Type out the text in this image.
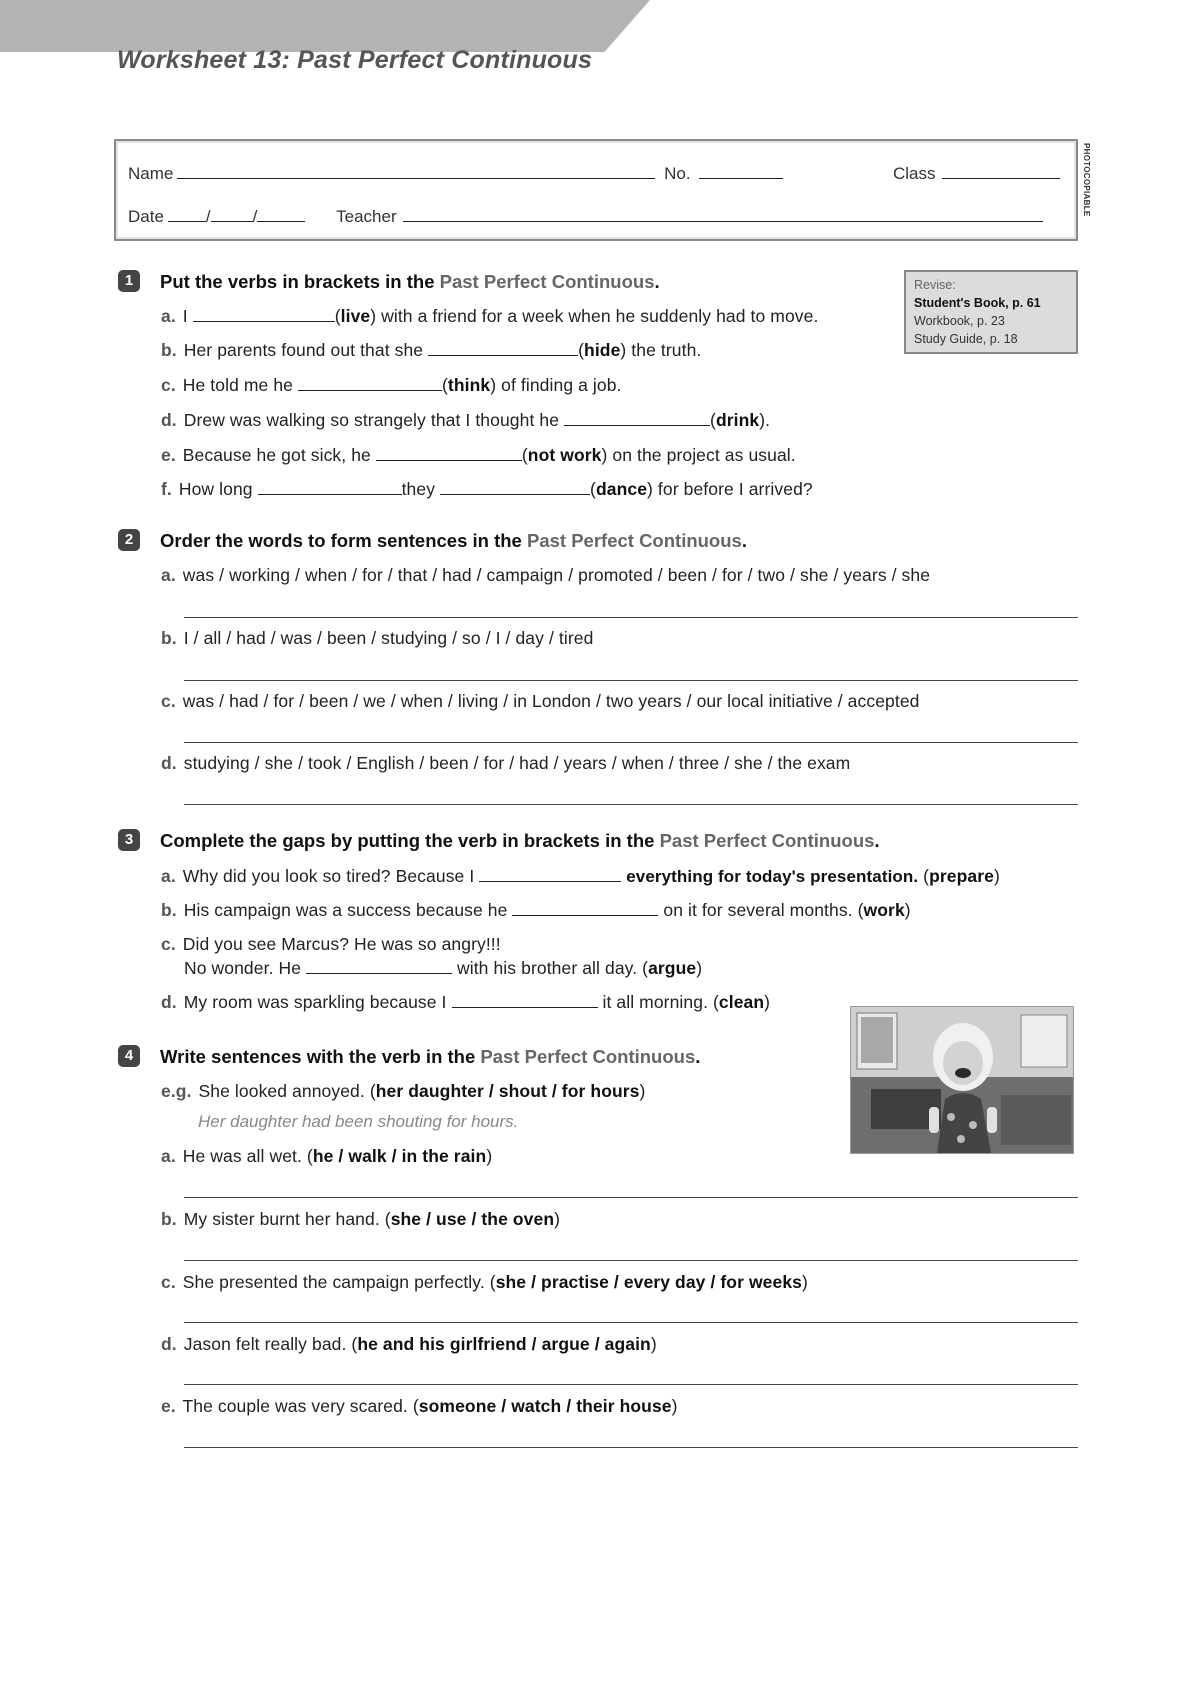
Worksheet 13: Past Perfect Continuous
Name	No.	Class
Date / /	Teacher	PHOTOCOPIABLE
Revise:
Student's Book, p. 61
Workbook, p. 23
Study Guide, p. 18
1 Put the verbs in brackets in the Past Perfect Continuous.
a. I	(live) with a friend for a week when he suddenly had to move.
b. Her parents found out that she	(hide) the truth.
c. He told me he	(think) of finding a job.
d. Drew was walking so strangely that I thought he	(drink).
e. Because he got sick, he	(not work) on the project as usual.
f. How long	they	(dance) for before I arrived?
2 Order the words to form sentences in the Past Perfect Continuous.
a. was / working / when / for / that / had / campaign / promoted / been / for / two / she / years / she
b. I / all / had / was / been / studying / so / I / day / tired
c. was / had / for / been / we / when / living / in London / two years / our local initiative / accepted
d. studying / she / took / English / been / for / had / years / when / three / she / the exam
3 Complete the gaps by putting the verb in brackets in the Past Perfect Continuous.
a. Why did you look so tired? Because I	everything for today's presentation. (prepare)
b. His campaign was a success because he	on it for several months. (work)
c. Did you see Marcus? He was so angry!!!
No wonder. He	with his brother all day. (argue)
d. My room was sparkling because I	it all morning. (clean)
4 Write sentences with the verb in the Past Perfect Continuous.
e.g. She looked annoyed. (her daughter / shout / for hours)
Her daughter had been shouting for hours.
a. He was all wet. (he / walk / in the rain)
b. My sister burnt her hand. (she / use / the oven)
c. She presented the campaign perfectly. (she / practise / every day / for weeks)
d. Jason felt really bad. (he and his girlfriend / argue / again)
e. The couple was very scared. (someone / watch / their house)
